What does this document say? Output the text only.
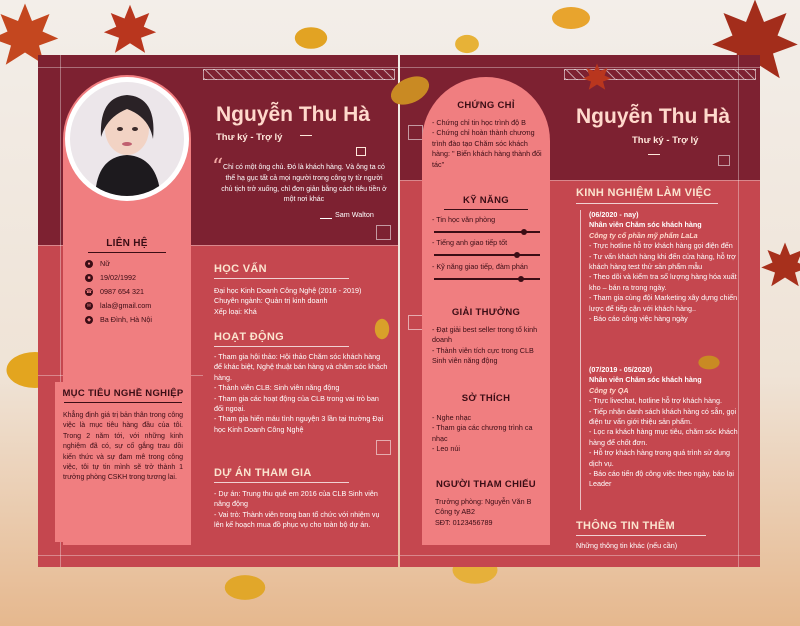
Nguyễn Thu Hà
Thư ký - Trợ lý
“ Chỉ có một ông chủ. Đó là khách hàng. Và ông ta có thể hạ gục tất cả mọi người trong công ty từ người chủ tịch trở xuống, chỉ đơn giản bằng cách tiêu tiền ở một nơi khác
Sam Walton
LIÊN HỆ
●	Nữ
■	19/02/1992
☎ 0987 654 321
✉ lala@gmail.com
◆ Ba Đình, Hà Nội
MỤC TIÊU NGHỀ NGHIỆP
Khẳng định giá trị bản thân trong công việc là mục tiêu hàng đầu của tôi. Trong 2 năm tới, với những kinh nghiệm đã có, sự cố gắng trau dồi kiến thức và sự đam mê trong công việc, tôi tự tin mình sẽ trở thành 1 trưởng phòng CSKH trong tương lai.
HỌC VẤN

Đại học Kinh Doanh Công Nghệ (2016 - 2019)

Chuyên ngành: Quản trị kinh doanh

Xếp loại: Khá

HOẠT ĐỘNG

- Tham gia hội thảo: Hội thảo Chăm sóc khách hàng để khác biệt, Nghệ thuật bán hàng và chăm sóc khách hàng.

- Thành viên CLB: Sinh viên năng động

- Tham gia các hoạt động của CLB trong vai trò ban đối ngoại.

- Tham gia hiến máu tình nguyện 3 lần tại trường Đại học Kinh Doanh Công Nghệ

DỰ ÁN THAM GIA

- Dự án: Trung thu quê em 2016 của CLB Sinh viên năng động

- Vai trò: Thành viên trong ban tổ chức với nhiệm vụ lên kế hoạch mua đồ phục vụ cho toàn bộ dự án.

CHỨNG CHỈ

- Chứng chỉ tin học trình độ B

- Chứng chỉ hoàn thành chương trình đào tạo Chăm sóc khách hàng: " Biến khách hàng thành đối tác"

KỸ NĂNG
- Tin học văn phòng
- Tiếng anh giao tiếp tốt
- Kỹ năng giao tiếp, đàm phán
GIẢI THƯỞNG

- Đạt giải best seller trong tổ kinh doanh

- Thành viên tích cực trong CLB Sinh viên năng động

SỞ THÍCH

- Nghe nhạc

- Tham gia các chương trình ca nhạc

- Leo núi

NGƯỜI THAM CHIẾU

Trưởng phòng: Nguyễn Văn B

Công ty AB2

SĐT: 0123456789

Nguyễn Thu Hà
Thư ký - Trợ lý
KINH NGHIỆM LÀM VIỆC

(06/2020 - nay)

Nhân viên Chăm sóc khách hàng

Công ty cổ phần mỹ phẩm LaLa

- Trực hotline hỗ trợ khách hàng gọi điện đến

- Tư vấn khách hàng khi đến cửa hàng, hỗ trợ khách hàng test thử sản phẩm mẫu

- Theo dõi và kiểm tra số lượng hàng hóa xuất kho – bán ra trong ngày.

- Tham gia cùng đội Marketing xây dựng chiến lược để tiếp cận với khách hàng..

- Báo cáo công việc hàng ngày

(07/2019 - 05/2020)

Nhân viên Chăm sóc khách hàng

Công ty QA

- Trực livechat, hotline hỗ trợ khách hàng.

- Tiếp nhận danh sách khách hàng có sẵn, gọi điện tư vấn giới thiệu sản phẩm.

- Lọc ra khách hàng mục tiêu, chăm sóc khách hàng để chốt đơn.

- Hỗ trợ khách hàng trong quá trình sử dụng dịch vụ.

- Báo cáo tiến độ công việc theo ngày, báo lại Leader

THÔNG TIN THÊM
Những thông tin khác (nếu cần)
